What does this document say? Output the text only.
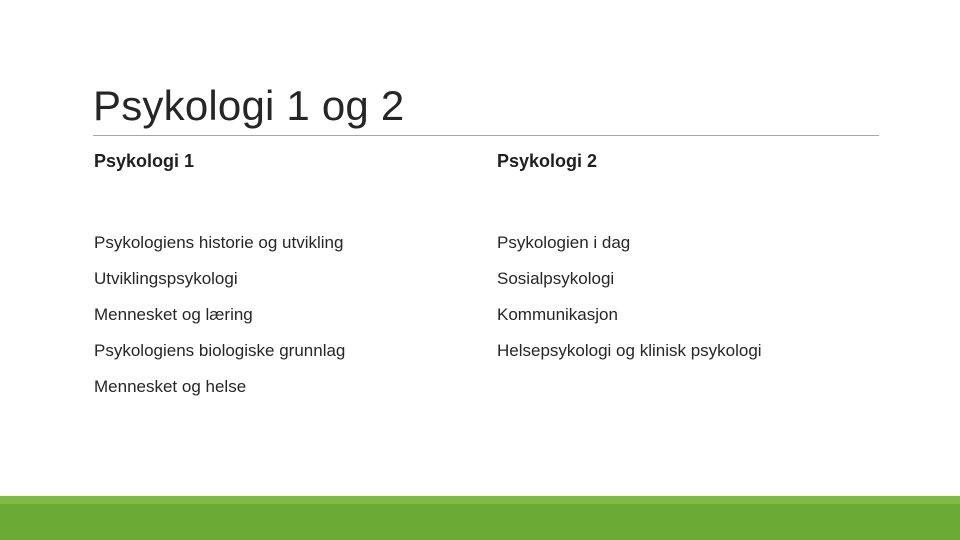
Psykologi 1 og 2
Psykologi 1
Psykologiens historie og utvikling
Utviklingspsykologi
Mennesket og læring
Psykologiens biologiske grunnlag
Mennesket og helse
Psykologi 2
Psykologien i dag
Sosialpsykologi
Kommunikasjon
Helsepsykologi og klinisk psykologi
